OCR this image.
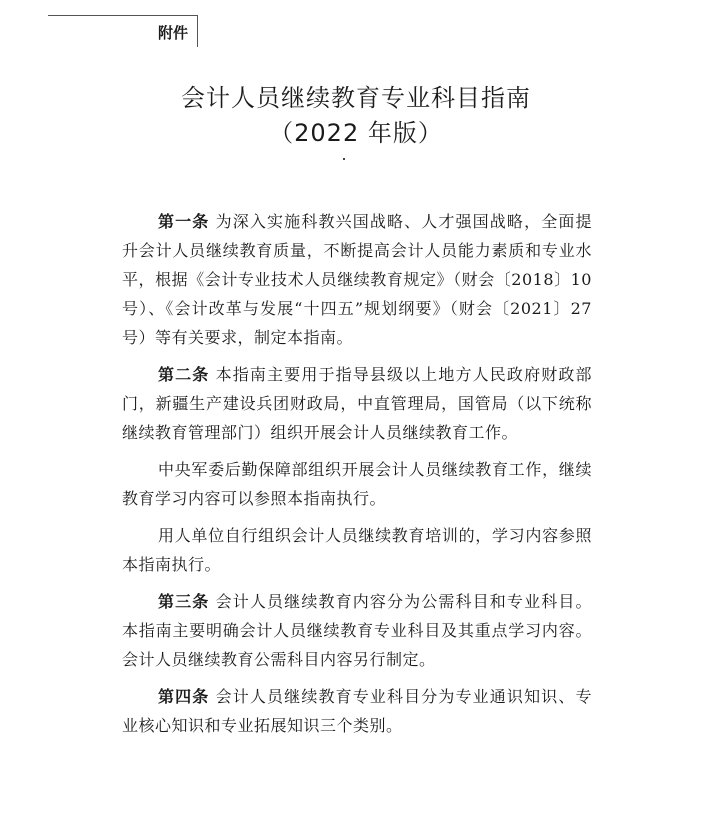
附件
会计人员继续教育专业科目指南
（2022 年版）

第一条 为深入实施科教兴国战略、人才强国战略，全面提升会计人员继续教育质量，不断提高会计人员能力素质和专业水平，根据《会计专业技术人员继续教育规定》（财会〔2018〕10号）、《会计改革与发展“十四五”规划纲要》（财会〔2021〕27号）等有关要求，制定本指南。

第二条 本指南主要用于指导县级以上地方人民政府财政部门，新疆生产建设兵团财政局，中直管理局，国管局（以下统称继续教育管理部门）组织开展会计人员继续教育工作。

中央军委后勤保障部组织开展会计人员继续教育工作，继续教育学习内容可以参照本指南执行。

用人单位自行组织会计人员继续教育培训的，学习内容参照本指南执行。

第三条 会计人员继续教育内容分为公需科目和专业科目。本指南主要明确会计人员继续教育专业科目及其重点学习内容。会计人员继续教育公需科目内容另行制定。

第四条 会计人员继续教育专业科目分为专业通识知识、专业核心知识和专业拓展知识三个类别。
